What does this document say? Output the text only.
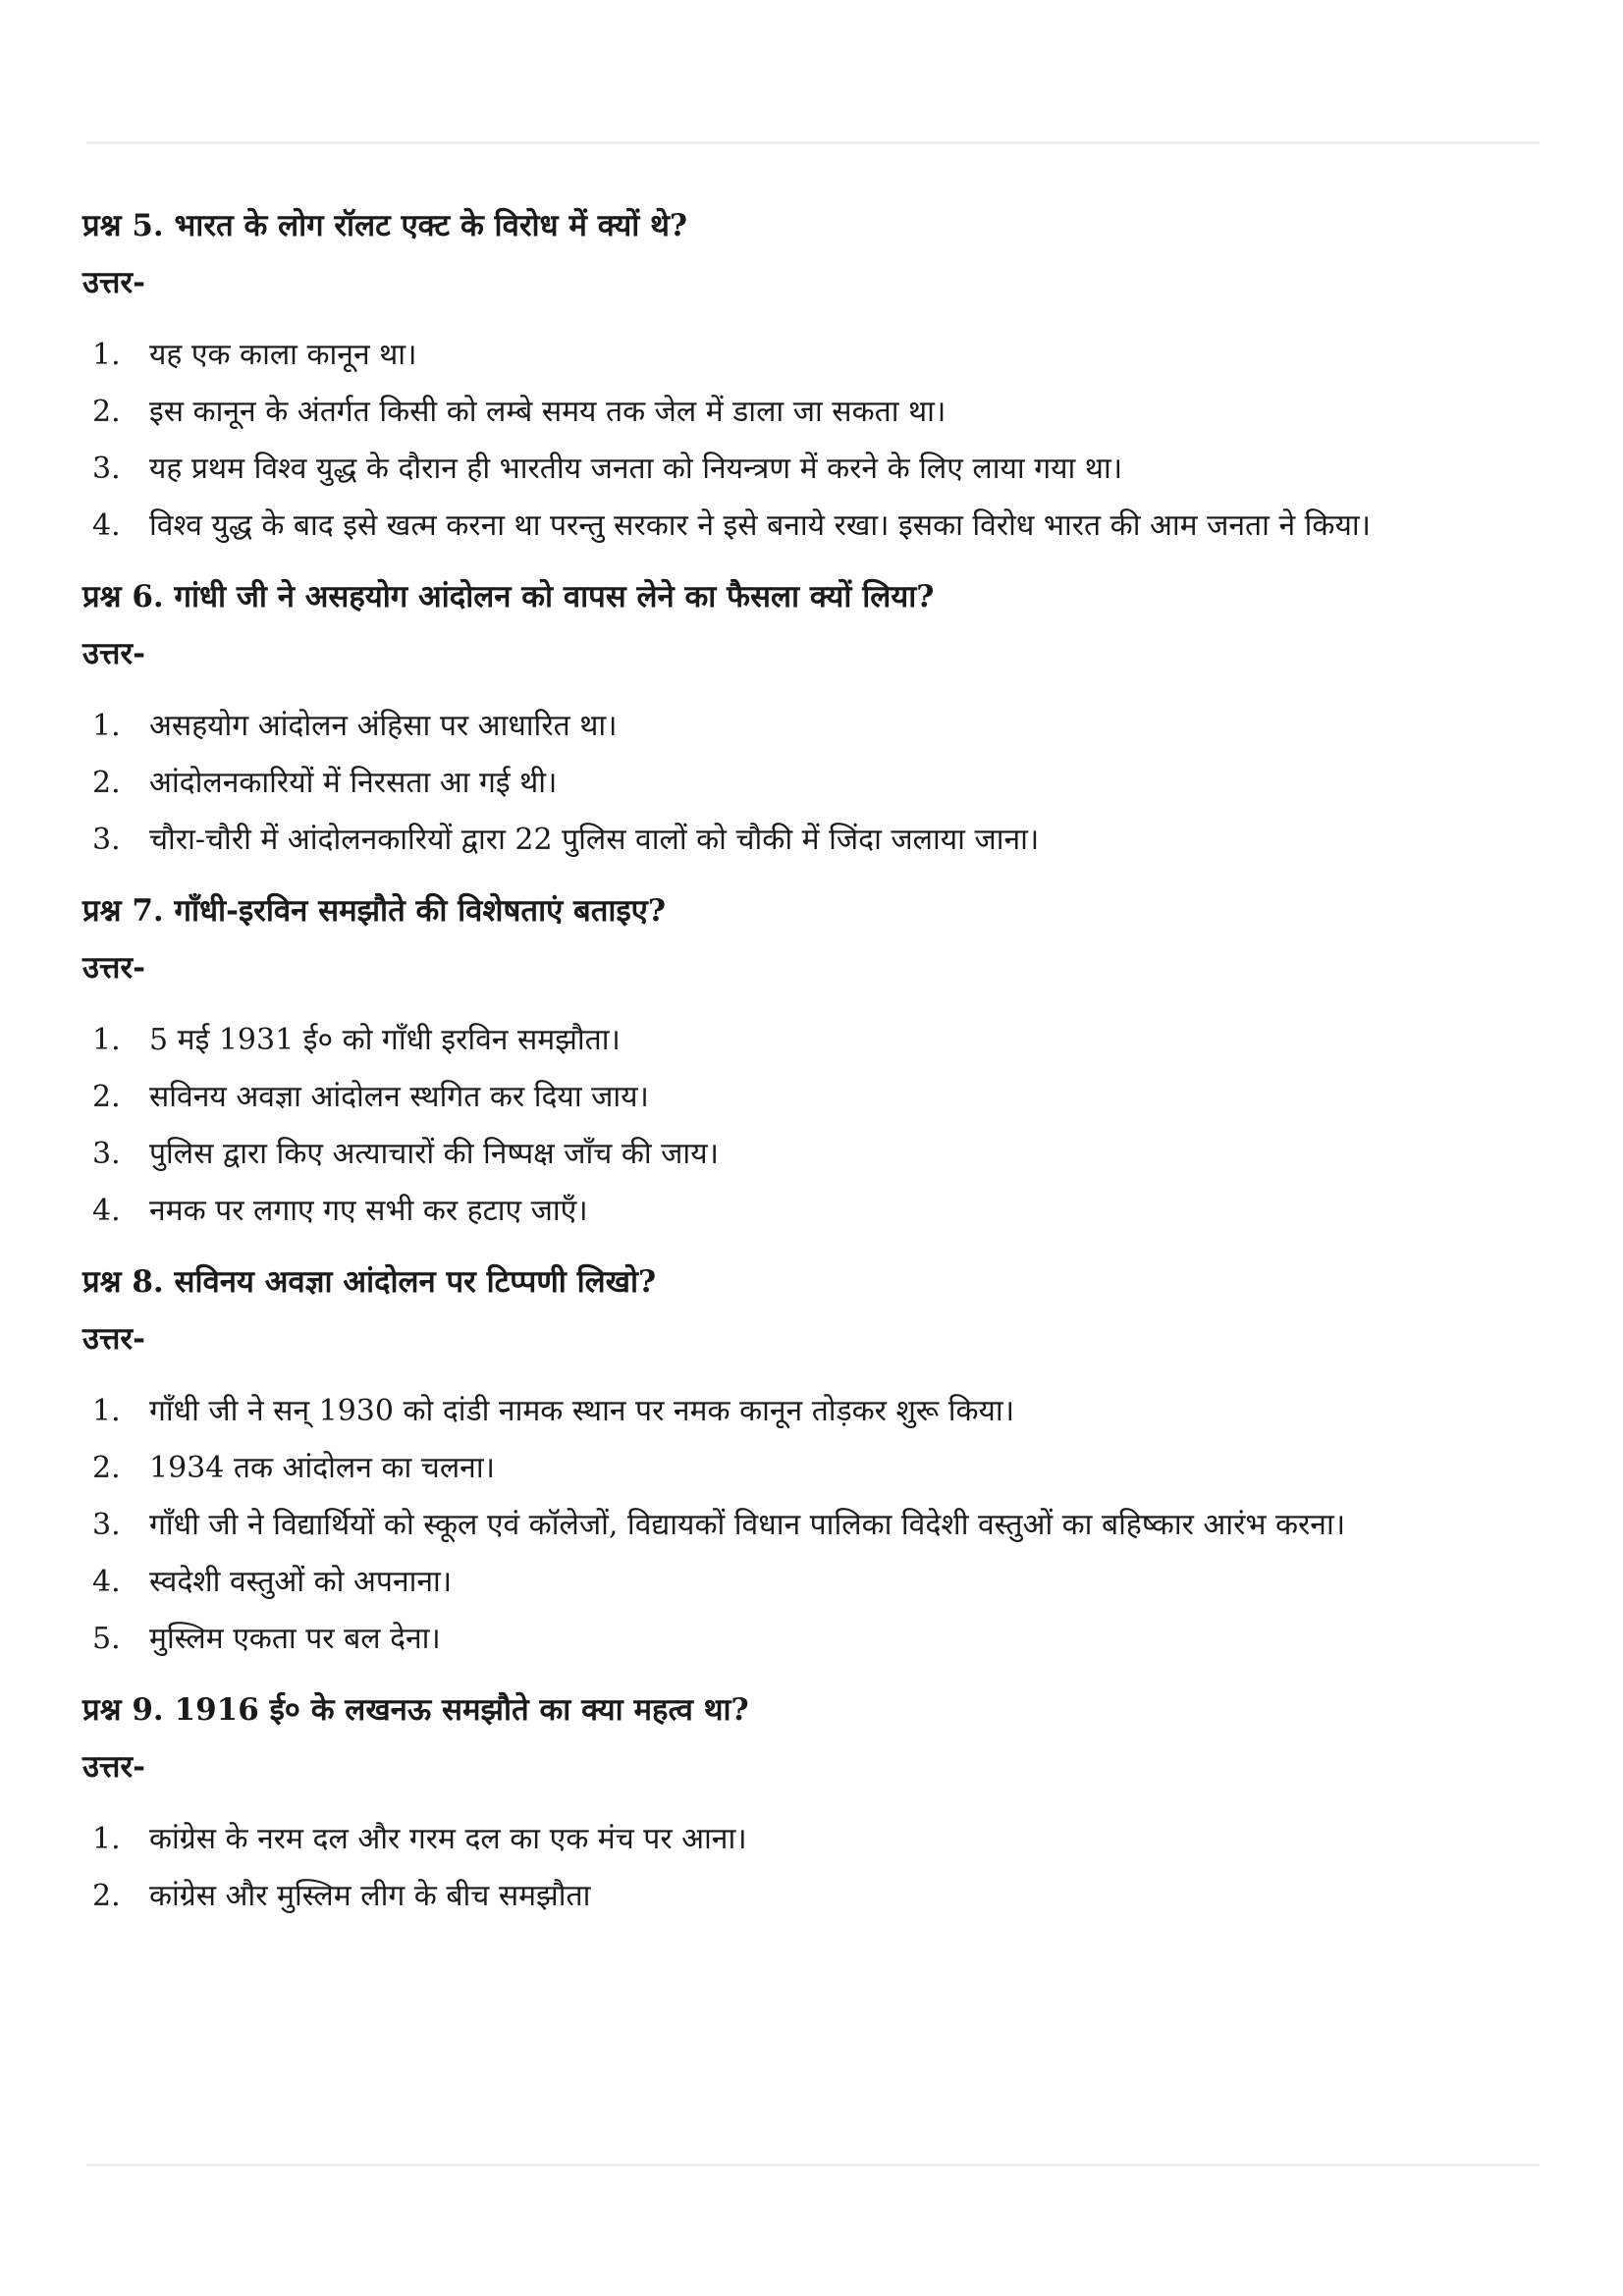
प्रश्न 5. भारत के लोग रॉलट एक्ट के विरोध में क्यों थे?
उत्तर-
1. यह एक काला कानून था।
2. इस कानून के अंतर्गत किसी को लम्बे समय तक जेल में डाला जा सकता था।
3. यह प्रथम विश्व युद्ध के दौरान ही भारतीय जनता को नियन्त्रण में करने के लिए लाया गया था।
4. विश्व युद्ध के बाद इसे खत्म करना था परन्तु सरकार ने इसे बनाये रखा। इसका विरोध भारत की आम जनता ने किया।
प्रश्न 6. गांधी जी ने असहयोग आंदोलन को वापस लेने का फैसला क्यों लिया?
उत्तर-
1. असहयोग आंदोलन अंहिसा पर आधारित था।
2. आंदोलनकारियों में निरसता आ गई थी।
3. चौरा-चौरी में आंदोलनकारियों द्वारा 22 पुलिस वालों को चौकी में जिंदा जलाया जाना।
प्रश्न 7. गाँधी-इरविन समझौते की विशेषताएं बताइए?
उत्तर-
1. 5 मई 1931 ई० को गाँधी इरविन समझौता।
2. सविनय अवज्ञा आंदोलन स्थगित कर दिया जाय।
3. पुलिस द्वारा किए अत्याचारों की निष्पक्ष जाँच की जाय।
4. नमक पर लगाए गए सभी कर हटाए जाएँ।
प्रश्न 8. सविनय अवज्ञा आंदोलन पर टिप्पणी लिखो?
उत्तर-
1. गाँधी जी ने सन् 1930 को दांडी नामक स्थान पर नमक कानून तोड़कर शुरू किया।
2. 1934 तक आंदोलन का चलना।
3. गाँधी जी ने विद्यार्थियों को स्कूल एवं कॉलेजों, विद्यायकों विधान पालिका विदेशी वस्तुओं का बहिष्कार आरंभ करना।
4. स्वदेशी वस्तुओं को अपनाना।
5. मुस्लिम एकता पर बल देना।
प्रश्न 9. 1916 ई० के लखनऊ समझौते का क्या महत्व था?
उत्तर-
1. कांग्रेस के नरम दल और गरम दल का एक मंच पर आना।
2. कांग्रेस और मुस्लिम लीग के बीच समझौता
